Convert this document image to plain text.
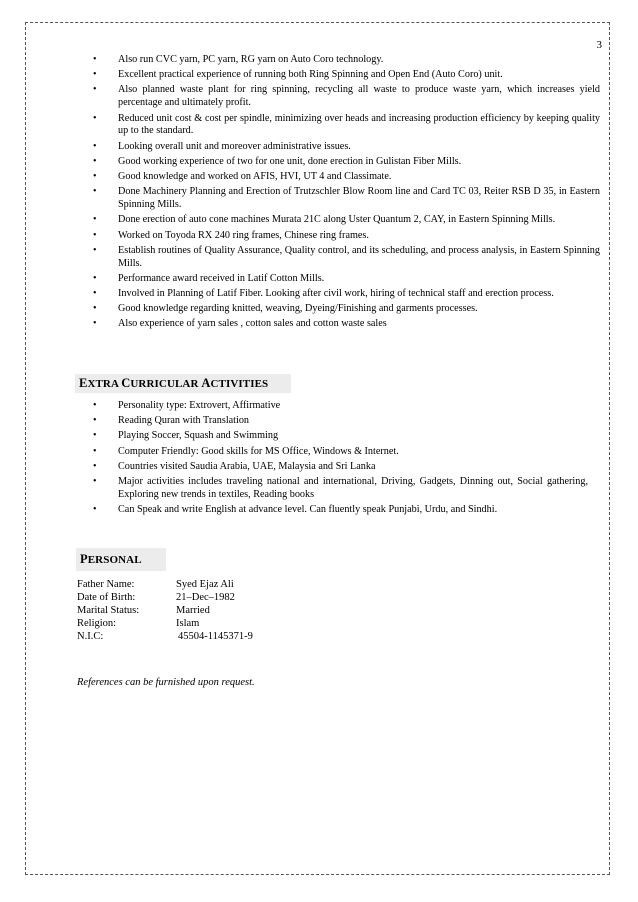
3
• Also run CVC yarn, PC yarn, RG yarn on Auto Coro technology.
• Excellent practical experience of running both Ring Spinning and Open End (Auto Coro) unit.
• Also planned waste plant for ring spinning, recycling all waste to produce waste yarn, which increases yield percentage and ultimately profit.
• Reduced unit cost & cost per spindle, minimizing over heads and increasing production efficiency by keeping quality up to the standard.
• Looking overall unit and moreover administrative issues.
• Good working experience of two for one unit, done erection in Gulistan Fiber Mills.
• Good knowledge and worked on AFIS, HVI, UT 4 and Classimate.
• Done Machinery Planning and Erection of Trutzschler Blow Room line and Card TC 03, Reiter RSB D 35, in Eastern Spinning Mills.
• Done erection of auto cone machines Murata 21C along Uster Quantum 2, CAY, in Eastern Spinning Mills.
• Worked on Toyoda RX 240 ring frames, Chinese ring frames.
• Establish routines of Quality Assurance, Quality control, and its scheduling, and process analysis, in Eastern Spinning Mills.
• Performance award received in Latif Cotton Mills.
• Involved in Planning of Latif Fiber. Looking after civil work, hiring of technical staff and erection process.
• Good knowledge regarding knitted, weaving, Dyeing/Finishing and garments processes.
• Also experience of yarn sales , cotton sales and cotton waste sales
EXTRA CURRICULAR ACTIVITIES
• Personality type: Extrovert, Affirmative
• Reading Quran with Translation
• Playing Soccer, Squash and Swimming
• Computer Friendly: Good skills for MS Office, Windows & Internet.
• Countries visited Saudia Arabia, UAE, Malaysia and Sri Lanka
• Major activities includes traveling national and international, Driving, Gadgets, Dinning out, Social gathering, Exploring new trends in textiles, Reading books
• Can Speak and write English at advance level. Can fluently speak Punjabi, Urdu, and Sindhi.
PERSONAL
Father Name:	Syed Ejaz Ali
Date of Birth:	21–Dec–1982
Marital Status:	Married
Religion:	Islam
N.I.C:	45504-1145371-9
References can be furnished upon request.
